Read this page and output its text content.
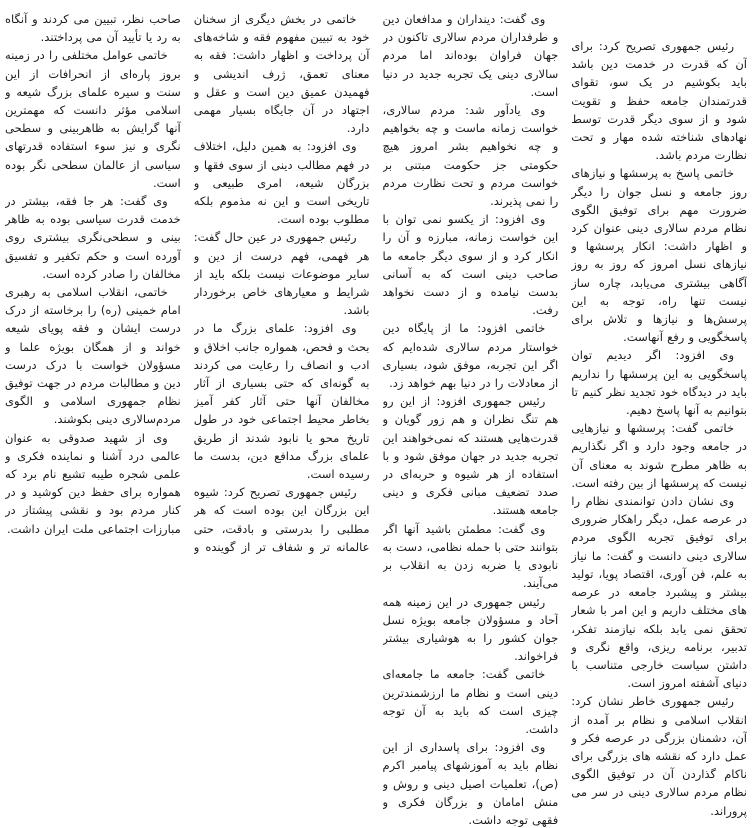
رئیس جمهوری تصریح کرد: برای آن که قدرت در خدمت دین باشد باید بکوشیم در یک سو، تقوای قدرتمندان جامعه حفظ و تقویت شود و از سوی دیگر قدرت توسط نهادهای شناخته شده مهار و تحت نظارت مردم باشد.

خاتمی پاسخ به پرسشها و نیازهای روز جامعه و نسل جوان را دیگر ضرورت مهم برای توفیق الگوی نظام مردم سالاری دینی عنوان کرد و اظهار داشت: انکار پرسشها و نیازهای نسل امروز که روز به روز آگاهی بیشتری می‌یابد، چاره ساز نیست تنها راه، توجه به این پرسش‌ها و نیازها و تلاش برای پاسخگویی و رفع آنهاست.

وی افزود: اگر دیدیم توان پاسخگویی به این پرسشها را نداریم باید در دیدگاه خود تجدید نظر کنیم تا بتوانیم به آنها پاسخ دهیم.

خاتمی گفت: پرسشها و نیازهایی در جامعه وجود دارد و اگر نگذاریم به ظاهر مطرح شوند به معنای آن نیست که پرسشها از بین رفته است.

وی نشان دادن توانمندی نظام را در عرصه عمل، دیگر راهکار ضروری برای توفیق تجربه الگوی مردم سالاری دینی دانست و گفت: ما نیاز به علم، فن آوری، اقتصاد پویا، تولید بیشتر و پیشبرد جامعه در عرصه های مختلف داریم و این امر با شعار تحقق نمی یابد بلکه نیازمند تفکر، تدبیر، برنامه ریزی، واقع نگری و داشتن سیاست خارجی متناسب با دنیای آشفته امروز است.

رئیس جمهوری خاطر نشان کرد: انقلاب اسلامی و نظام بر آمده از آن، دشمنان بزرگی در عرصه فکر و عمل دارد که نقشه های بزرگی برای ناکام گذاردن آن در توفیق الگوی نظام مردم سالاری دینی در سر می پروراند.

وی گفت: دینداران و مدافعان دین و طرفداران مردم سالاری تاکنون در جهان فراوان بوده‌اند اما مردم سالاری دینی یک تجربه جدید در دنیا است.

وی یادآور شد: مردم سالاری، خواست زمانه ماست و چه بخواهیم و چه نخواهیم بشر امروز هیچ حکومتی جز حکومت مبتنی بر خواست مردم و تحت نظارت مردم را نمی پذیرند.

وی افزود: از یکسو نمی توان با این خواست زمانه، مبارزه و آن را انکار کرد و از سوی دیگر جامعه ما صاحب دینی است که به آسانی بدست نیامده و از دست نخواهد رفت.

خاتمی افزود: ما از پایگاه دین خواستار مردم سالاری شده‌ایم که اگر این تجربه، موفق شود، بسیاری از معادلات را در دنیا بهم خواهد زد.

رئیس جمهوری افزود: از این رو هم تنگ نظران و هم زور گویان و قدرت‌هایی هستند که نمی‌خواهند این تجربه جدید در جهان موفق شود و با استفاده از هر شیوه و حربه‌ای در صدد تضعیف مبانی فکری و دینی جامعه هستند.

وی گفت: مطمئن باشید آنها اگر بتوانند حتی با حمله نظامی، دست به نابودی یا ضربه زدن به انقلاب بر می‌آیند.

رئیس جمهوری در این زمینه همه آحاد و مسؤولان جامعه بویژه نسل جوان کشور را به هوشیاری بیشتر فراخواند.

خاتمی گفت: جامعه ما جامعه‌ای دینی است و نظام ما ارزشمندترین چیزی است که باید به آن توجه داشت.

وی افزود: برای پاسداری از این نظام باید به آموزشهای پیامبر اکرم (ص)، تعلمیات اصیل دینی و روش و منش امامان و بزرگان فکری و فقهی توجه داشت.

خاتمی در بخش دیگری از سخنان خود به تبیین مفهوم فقه و شاخه‌های آن پرداخت و اظهار داشت: فقه به معنای تعمق، ژرف اندیشی و فهمیدن عمیق دین است و عقل و اجتهاد در آن جایگاه بسیار مهمی دارد.

وی افزود: به همین دلیل، اختلاف در فهم مطالب دینی از سوی فقها و بزرگان شیعه، امری طبیعی و تاریخی است و این نه مذموم بلکه مطلوب بوده است.

رئیس جمهوری در عین حال گفت: هر فهمی، فهم درست از دین و سایر موضوعات نیست بلکه باید از شرایط و معیارهای خاص برخوردار باشد.

وی افزود: علمای بزرگ ما در بحث و فحص، همواره جانب اخلاق و ادب و انصاف را رعایت می کردند به گونه‌ای که حتی بسیاری از آثار مخالفان آنها حتی آثار کفر آمیز بخاطر محیط اجتماعی خود در طول تاریخ محو یا نابود شدند از طریق علمای بزرگ مدافع دین، بدست ما رسیده است.

رئیس جمهوری تصریح کرد: شیوه این بزرگان این بوده است که هر مطلبی را بدرستی و بادقت، حتی عالمانه تر و شفاف تر از گوینده و

صاحب نظر، تبیین می کردند و آنگاه به رد یا تأیید آن می پرداختند.

خاتمی عوامل مختلفی را در زمینه بروز پاره‌ای از انحرافات از این سنت و سیره علمای بزرگ شیعه و اسلامی مؤثر دانست که مهمترین آنها گرایش به ظاهربینی و سطحی نگری و نیز سوء استفاده قدرتهای سیاسی از عالمان سطحی نگر بوده است.

وی گفت: هر جا فقه، بیشتر در خدمت قدرت سیاسی بوده به ظاهر بینی و سطحی‌نگری بیشتری روی آورده است و حکم تکفیر و تفسیق مخالفان را صادر کرده است.

خاتمی، انقلاب اسلامی به رهبری امام خمینی (ره) را برخاسته از درک درست ایشان و فقه پویای شیعه خواند و از همگان بویژه علما و مسؤولان خواست با درک درست دین و مطالبات مردم در جهت توفیق نظام جمهوری اسلامی و الگوی مردم‌سالاری دینی بکوشند.

وی از شهید صدوقی به عنوان عالمی درد آشنا و نماینده فکری و علمی شجره طیبه تشیع نام برد که همواره برای حفظ دین کوشید و در کنار مردم بود و نقشی پیشتاز در مبارزات اجتماعی ملت ایران داشت.
